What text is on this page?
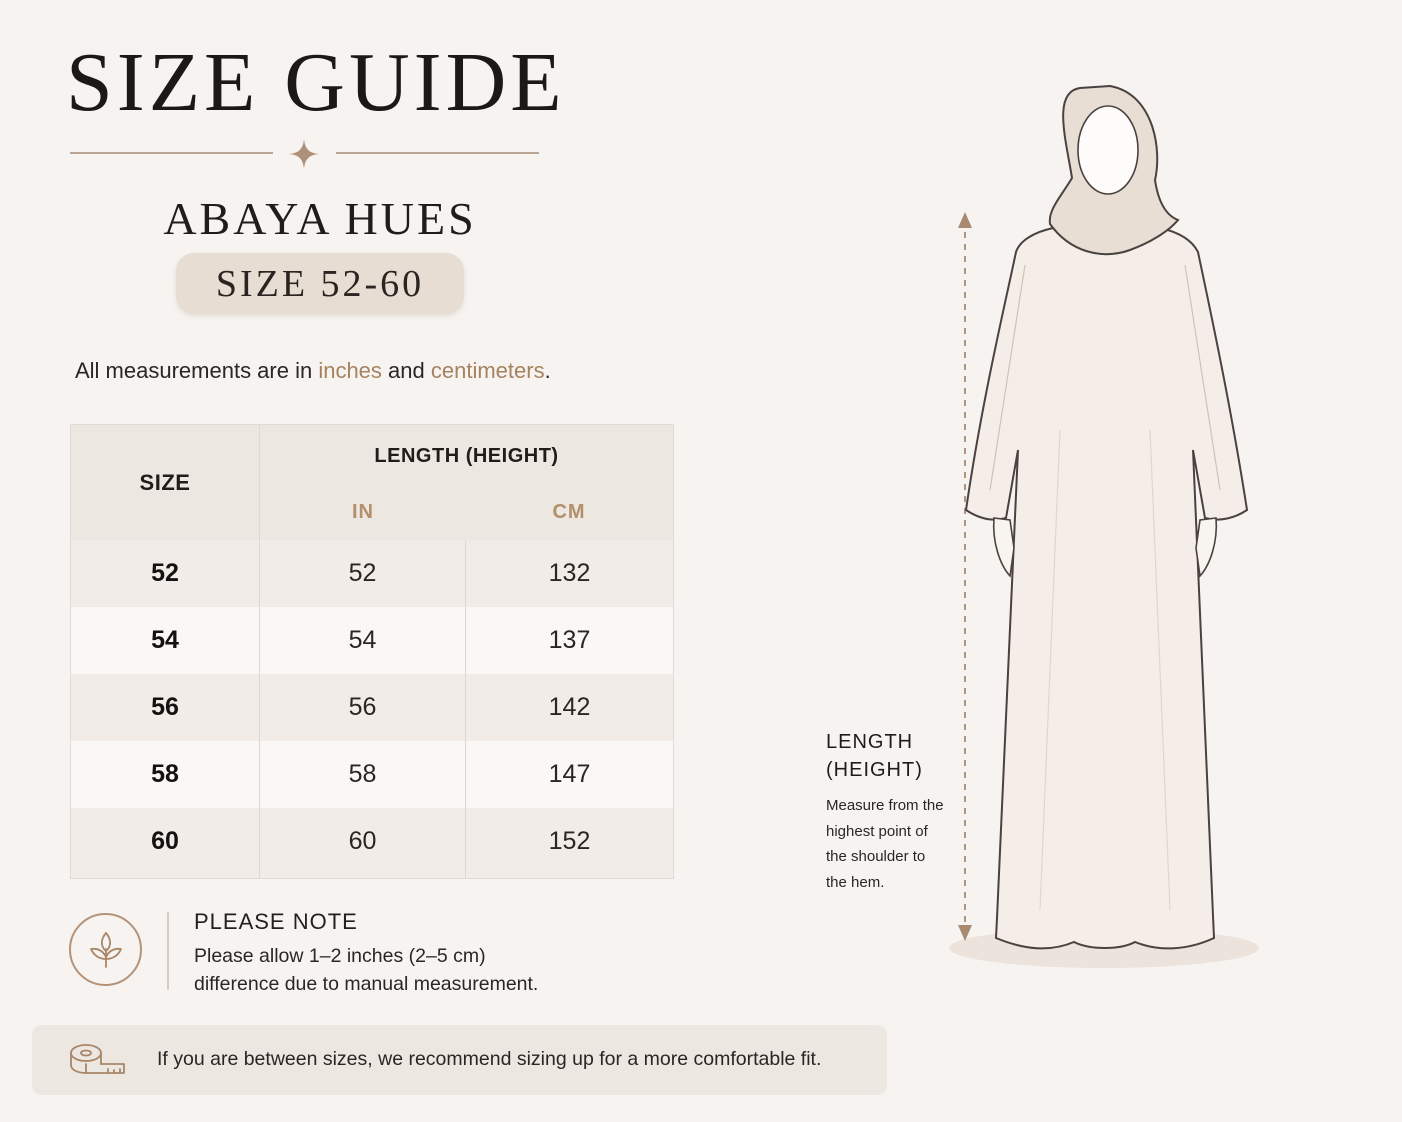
SIZE GUIDE
ABAYA HUES
SIZE 52-60
All measurements are in inches and centimeters.
SIZE
LENGTH (HEIGHT)
IN	CM
52	52	132
54	54	137
56	56	142
58	58	147
60	60	152
PLEASE NOTE
Please allow 1–2 inches (2–5 cm)
difference due to manual measurement.
If you are between sizes, we recommend sizing up for a more comfortable fit.
LENGTH
(HEIGHT)
Measure from the
highest point of
the shoulder to
the hem.
